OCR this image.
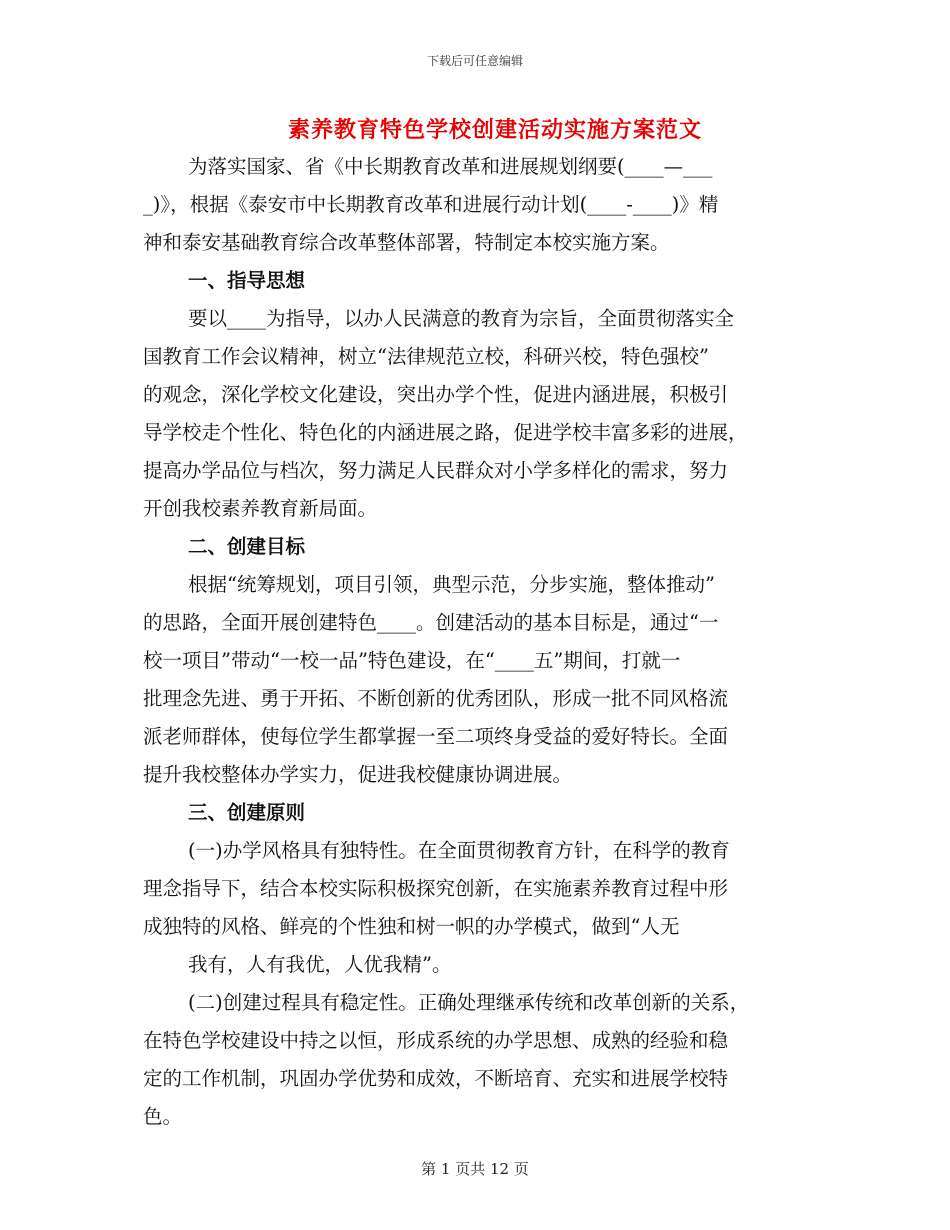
下载后可任意编辑
素养教育特色学校创建活动实施方案范文
为落实国家、省《中长期教育改革和进展规划纲要(____—___
_)》，根据《泰安市中长期教育改革和进展行动计划(____-____)》精
神和泰安基础教育综合改革整体部署，特制定本校实施方案。
一、指导思想
要以____为指导，以办人民满意的教育为宗旨，全面贯彻落实全
国教育工作会议精神，树立“法律规范立校，科研兴校，特色强校”
的观念，深化学校文化建设，突出办学个性，促进内涵进展，积极引
导学校走个性化、特色化的内涵进展之路，促进学校丰富多彩的进展，
提高办学品位与档次，努力满足人民群众对小学多样化的需求，努力
开创我校素养教育新局面。
二、创建目标
根据“统筹规划，项目引领，典型示范，分步实施，整体推动”
的思路，全面开展创建特色____。创建活动的基本目标是，通过“一
校一项目”带动“一校一品”特色建设，在“____五”期间，打就一
批理念先进、勇于开拓、不断创新的优秀团队，形成一批不同风格流
派老师群体，使每位学生都掌握一至二项终身受益的爱好特长。全面
提升我校整体办学实力，促进我校健康协调进展。
三、创建原则
(一)办学风格具有独特性。在全面贯彻教育方针，在科学的教育
理念指导下，结合本校实际积极探究创新，在实施素养教育过程中形
成独特的风格、鲜亮的个性独和树一帜的办学模式，做到“人无
我有，人有我优，人优我精”。
(二)创建过程具有稳定性。正确处理继承传统和改革创新的关系，
在特色学校建设中持之以恒，形成系统的办学思想、成熟的经验和稳
定的工作机制，巩固办学优势和成效，不断培育、充实和进展学校特
色。
第 1 页共 12 页
